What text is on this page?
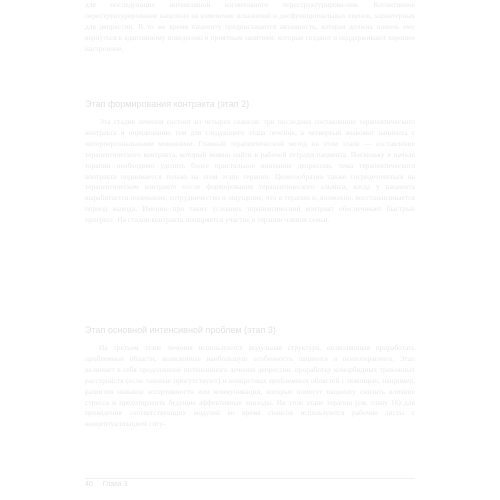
для последующих интенсивной когнитивного переструктурирова-ния. Когнитивное переструктурирование нацелено на изменение искажений и дисфункциональных оценок, характерных для депрессии. В то же время пациенту предписывается активность, которая должна помочь ему вернуться к адаптивному поведению и приятным занятиям, которые создают и поддерживают хорошее настроение.

Этап формирования контракта (этап 2)

Эта стадия лечения состоит из четырех сеансов: три последних составлению терапевтического контракта и определению тем для следующего этапа лечения, а четвертый знакомит пациента с интерперсональными мишенями. Главный терапевтический метод на этом этапе — составление терапевтического контракта, который можно найти в рабочей тетради пациента. Поскольку в начале терапии необходимо уделить более пристальное внимание депрессии, тема терапевтического контракта поднимается только на этом этапе терапии. Целесообразно также сосредоточиться на терапевтическом контракте после формирования терапевтического альянса, когда у пациента выработается понимание, сотрудничество и ощущение, что в терапии и, возможно, восстанавливается период выхода. Именно при таких условиях терапевтический контракт обеспечивает быстрый прогресс. На стадии контракта поощряется участие в терапии членов семьи.

Этап основной интенсивной проблем (этап 3)

На третьем этапе лечения используются модульная структура, позволяющая проработать проблемные области, выявленные наибольшую особенность пациента и психотерапевта. Этап включает в себя продолжение интенсивного лечения депрессии, проработку коморбидных тревожных расстройств (если таковые присутствуют) и конкретных проблемных областей с помощью, например, развития навыков ассертивности или коммуникации, которые помогут пациенту снизить влияние стресса и предотвратить будущие аффективные эпизоды. На этом этапе терапии (см. главу 16) для проведения соответствующих модулей во время сеансов используются рабочие листы с концептуализацией ситу-

40 Глава 3
